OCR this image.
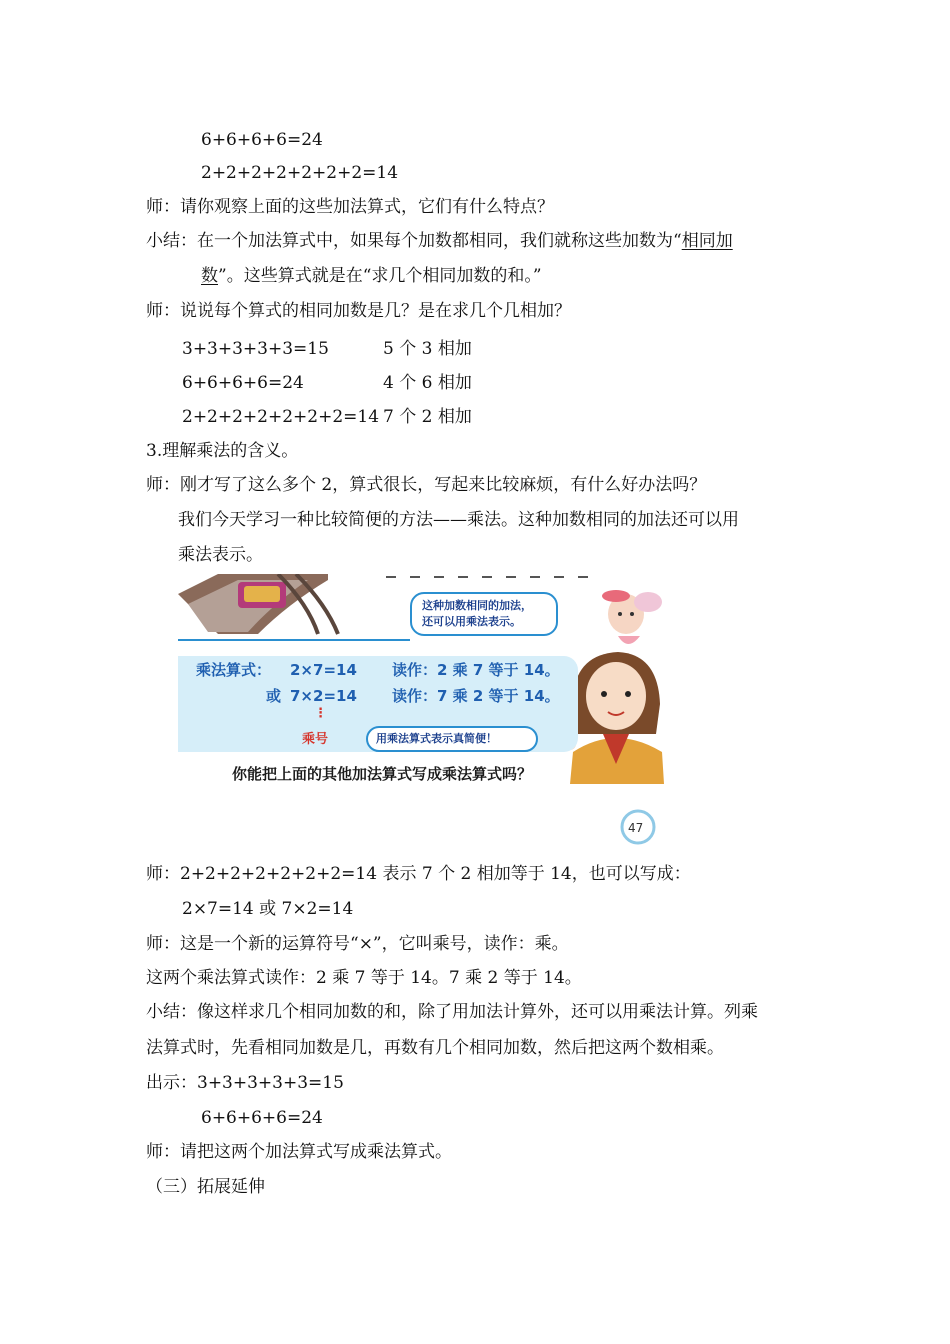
6+6+6+6=24
2+2+2+2+2+2+2=14
师：请你观察上面的这些加法算式，它们有什么特点？
小结：在一个加法算式中，如果每个加数都相同，我们就称这些加数为“相同加
数”。这些算式就是在“求几个相同加数的和。”
师：说说每个算式的相同加数是几？是在求几个几相加？
3+3+3+3+3=15	5 个 3 相加
6+6+6+6=24	4 个 6 相加
2+2+2+2+2+2+2=14 7 个 2 相加
3.理解乘法的含义。
师：刚才写了这么多个 2，算式很长，写起来比较麻烦，有什么好办法吗？
我们今天学习一种比较简便的方法——乘法。这种加数相同的加法还可以用
乘法表示。
这种加数相同的加法，
还可以用乘法表示。
乘法算式： 2×7=14 读作：2 乘 7 等于 14。
或 7×2=14 读作：7 乘 2 等于 14。
⋮
乘号	用乘法算式表示真简便！
你能把上面的其他加法算式写成乘法算式吗？
47
师：2+2+2+2+2+2+2=14 表示 7 个 2 相加等于 14，也可以写成：
2×7=14 或 7×2=14
师：这是一个新的运算符号“×”，它叫乘号，读作：乘。
这两个乘法算式读作：2 乘 7 等于 14。7 乘 2 等于 14。
小结：像这样求几个相同加数的和，除了用加法计算外，还可以用乘法计算。列乘
法算式时，先看相同加数是几，再数有几个相同加数，然后把这两个数相乘。
出示：3+3+3+3+3=15
6+6+6+6=24
师：请把这两个加法算式写成乘法算式。
（三）拓展延伸
